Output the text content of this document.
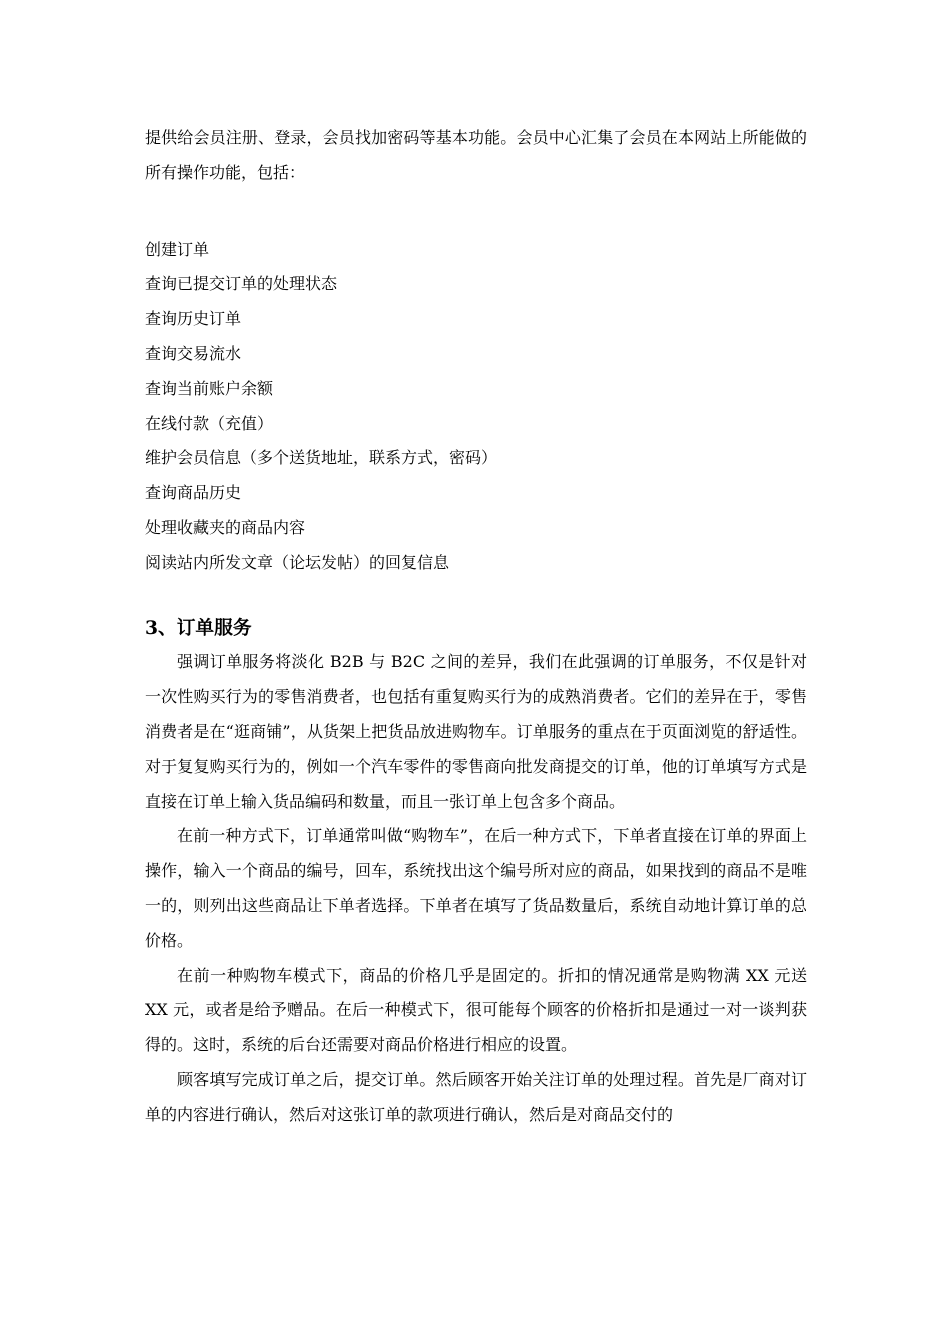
提供给会员注册、登录，会员找加密码等基本功能。会员中心汇集了会员在本网站上所能做的所有操作功能，包括：

创建订单
查询已提交订单的处理状态
查询历史订单
查询交易流水
查询当前账户余额
在线付款（充值）
维护会员信息（多个送货地址，联系方式，密码）
查询商品历史
处理收藏夹的商品内容
阅读站内所发文章（论坛发帖）的回复信息
3、订单服务

强调订单服务将淡化 B2B 与 B2C 之间的差异，我们在此强调的订单服务，不仅是针对一次性购买行为的零售消费者，也包括有重复购买行为的成熟消费者。它们的差异在于，零售消费者是在“逛商铺”，从货架上把货品放进购物车。订单服务的重点在于页面浏览的舒适性。对于复复购买行为的，例如一个汽车零件的零售商向批发商提交的订单，他的订单填写方式是直接在订单上输入货品编码和数量，而且一张订单上包含多个商品。

在前一种方式下，订单通常叫做“购物车”，在后一种方式下，下单者直接在订单的界面上操作，输入一个商品的编号，回车，系统找出这个编号所对应的商品，如果找到的商品不是唯一的，则列出这些商品让下单者选择。下单者在填写了货品数量后，系统自动地计算订单的总价格。

在前一种购物车模式下，商品的价格几乎是固定的。折扣的情况通常是购物满 XX 元送 XX 元，或者是给予赠品。在后一种模式下，很可能每个顾客的价格折扣是通过一对一谈判获得的。这时，系统的后台还需要对商品价格进行相应的设置。

顾客填写完成订单之后，提交订单。然后顾客开始关注订单的处理过程。首先是厂商对订单的内容进行确认，然后对这张订单的款项进行确认，然后是对商品交付的
